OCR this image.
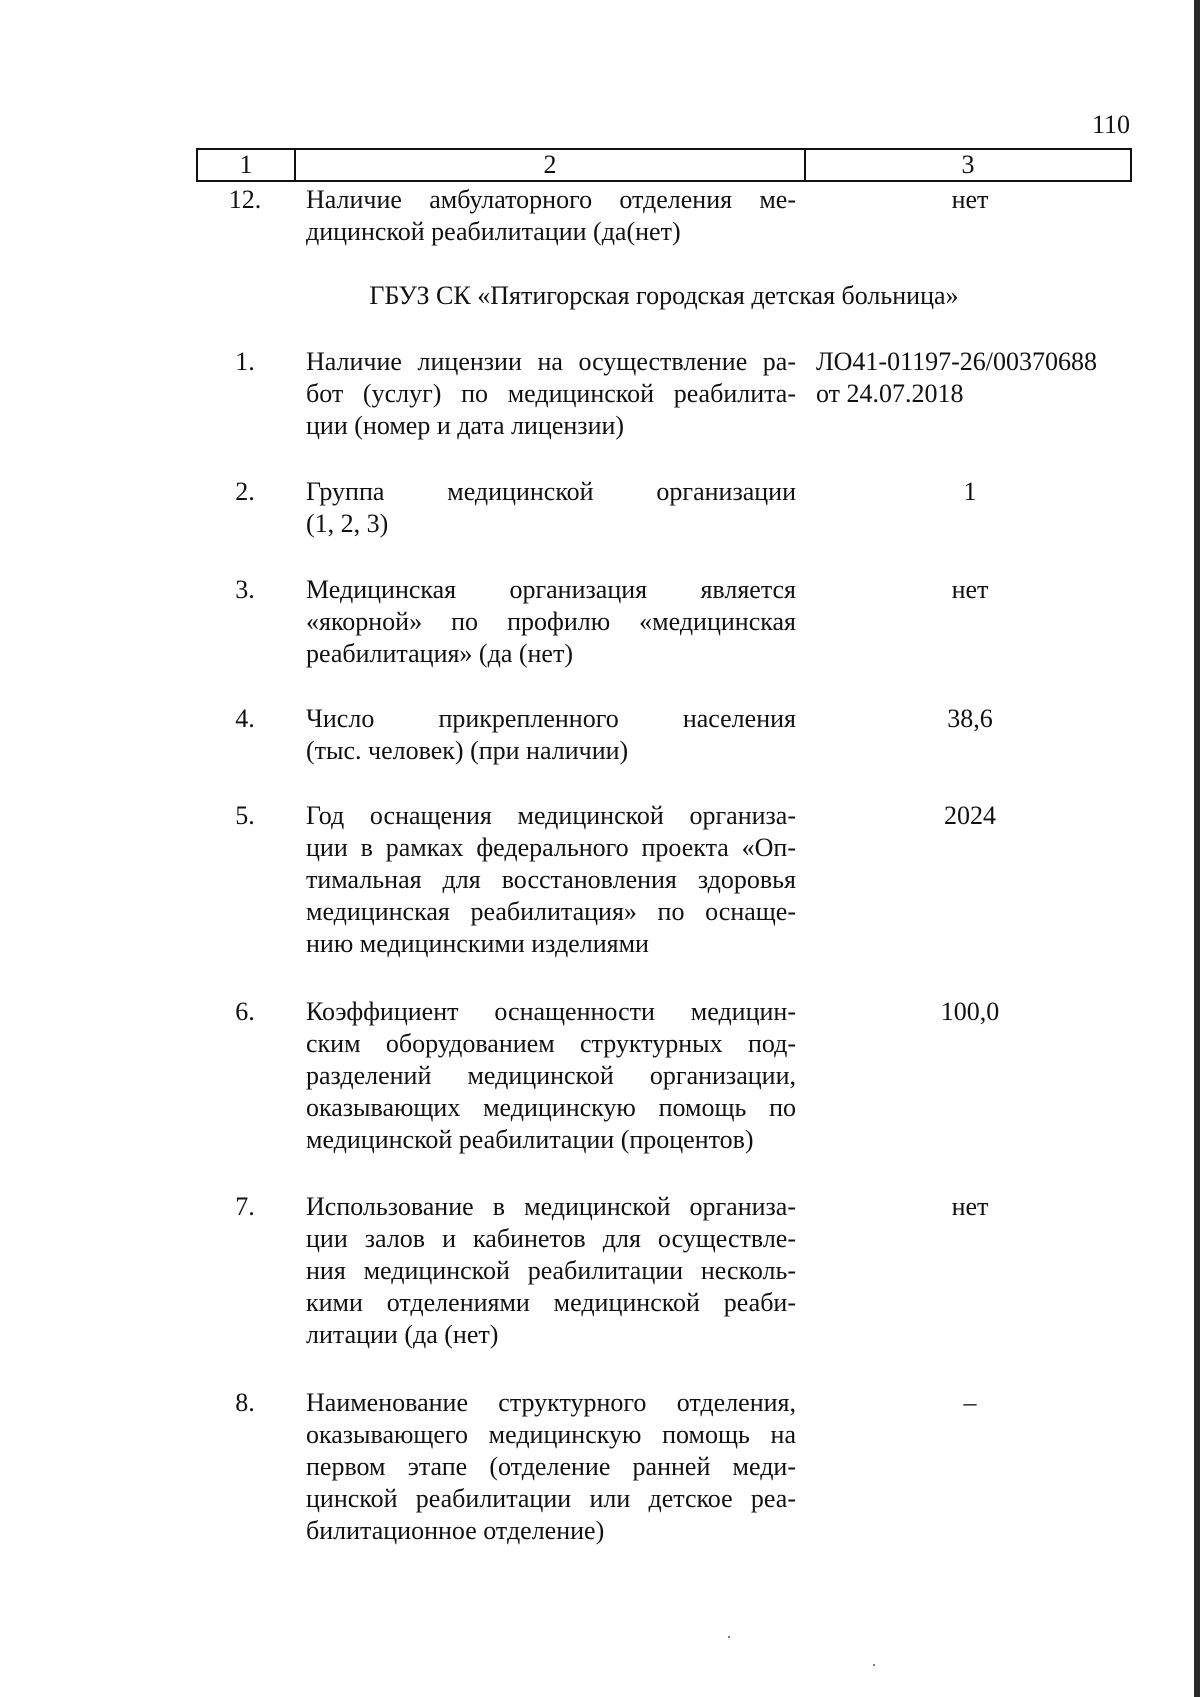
110
1	2	3
12.	Наличие амбулаторного отделения ме-
дицинской реабилитации (да(нет)
нет
ГБУЗ СК «Пятигорская городская детская больница»
1.	Наличие лицензии на осуществление ра-
бот (услуг) по медицинской реабилита-
ции (номер и дата лицензии)
ЛО41-01197-26/00370688
от 24.07.2018
2.	Группа медицинской организации
(1, 2, 3)
1
3.	Медицинская организация является
«якорной» по профилю «медицинская
реабилитация» (да (нет)
нет
4.	Число прикрепленного населения
(тыс. человек) (при наличии)
38,6
5.	Год оснащения медицинской организа-
ции в рамках федерального проекта «Оп-
тимальная для восстановления здоровья
медицинская реабилитация» по оснаще-
нию медицинскими изделиями
2024
6.	Коэффициент оснащенности медицин-
ским оборудованием структурных под-
разделений медицинской организации,
оказывающих медицинскую помощь по
медицинской реабилитации (процентов)
100,0
7.	Использование в медицинской организа-
ции залов и кабинетов для осуществле-
ния медицинской реабилитации несколь-
кими отделениями медицинской реаби-
литации (да (нет)
нет
8.	Наименование структурного отделения,
оказывающего медицинскую помощь на
первом этапе (отделение ранней меди-
цинской реабилитации или детское реа-
билитационное отделение)
–
